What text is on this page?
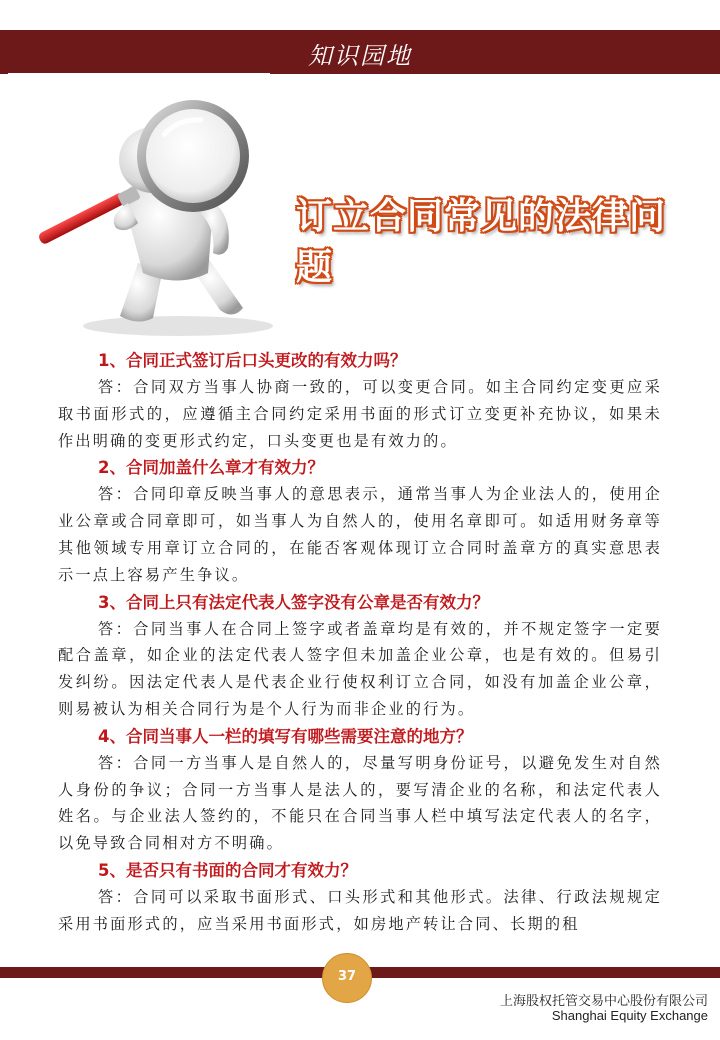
知识园地
订立合同常见的法律问题
1、合同正式签订后口头更改的有效力吗？

答：合同双方当事人协商一致的，可以变更合同。如主合同约定变更应采取书面形式的，应遵循主合同约定采用书面的形式订立变更补充协议，如果未作出明确的变更形式约定，口头变更也是有效力的。

2、合同加盖什么章才有效力？

答：合同印章反映当事人的意思表示，通常当事人为企业法人的，使用企业公章或合同章即可，如当事人为自然人的，使用名章即可。如适用财务章等其他领域专用章订立合同的，在能否客观体现订立合同时盖章方的真实意思表示一点上容易产生争议。

3、合同上只有法定代表人签字没有公章是否有效力？

答：合同当事人在合同上签字或者盖章均是有效的，并不规定签字一定要配合盖章，如企业的法定代表人签字但未加盖企业公章，也是有效的。但易引发纠纷。因法定代表人是代表企业行使权利订立合同，如没有加盖企业公章，则易被认为相关合同行为是个人行为而非企业的行为。

4、合同当事人一栏的填写有哪些需要注意的地方？

答：合同一方当事人是自然人的，尽量写明身份证号，以避免发生对自然人身份的争议；合同一方当事人是法人的，要写清企业的名称，和法定代表人姓名。与企业法人签约的，不能只在合同当事人栏中填写法定代表人的名字，以免导致合同相对方不明确。

5、是否只有书面的合同才有效力？

答：合同可以采取书面形式、口头形式和其他形式。法律、行政法规规定采用书面形式的，应当采用书面形式，如房地产转让合同、长期的租

37
上海股权托管交易中心股份有限公司
Shanghai Equity Exchange
